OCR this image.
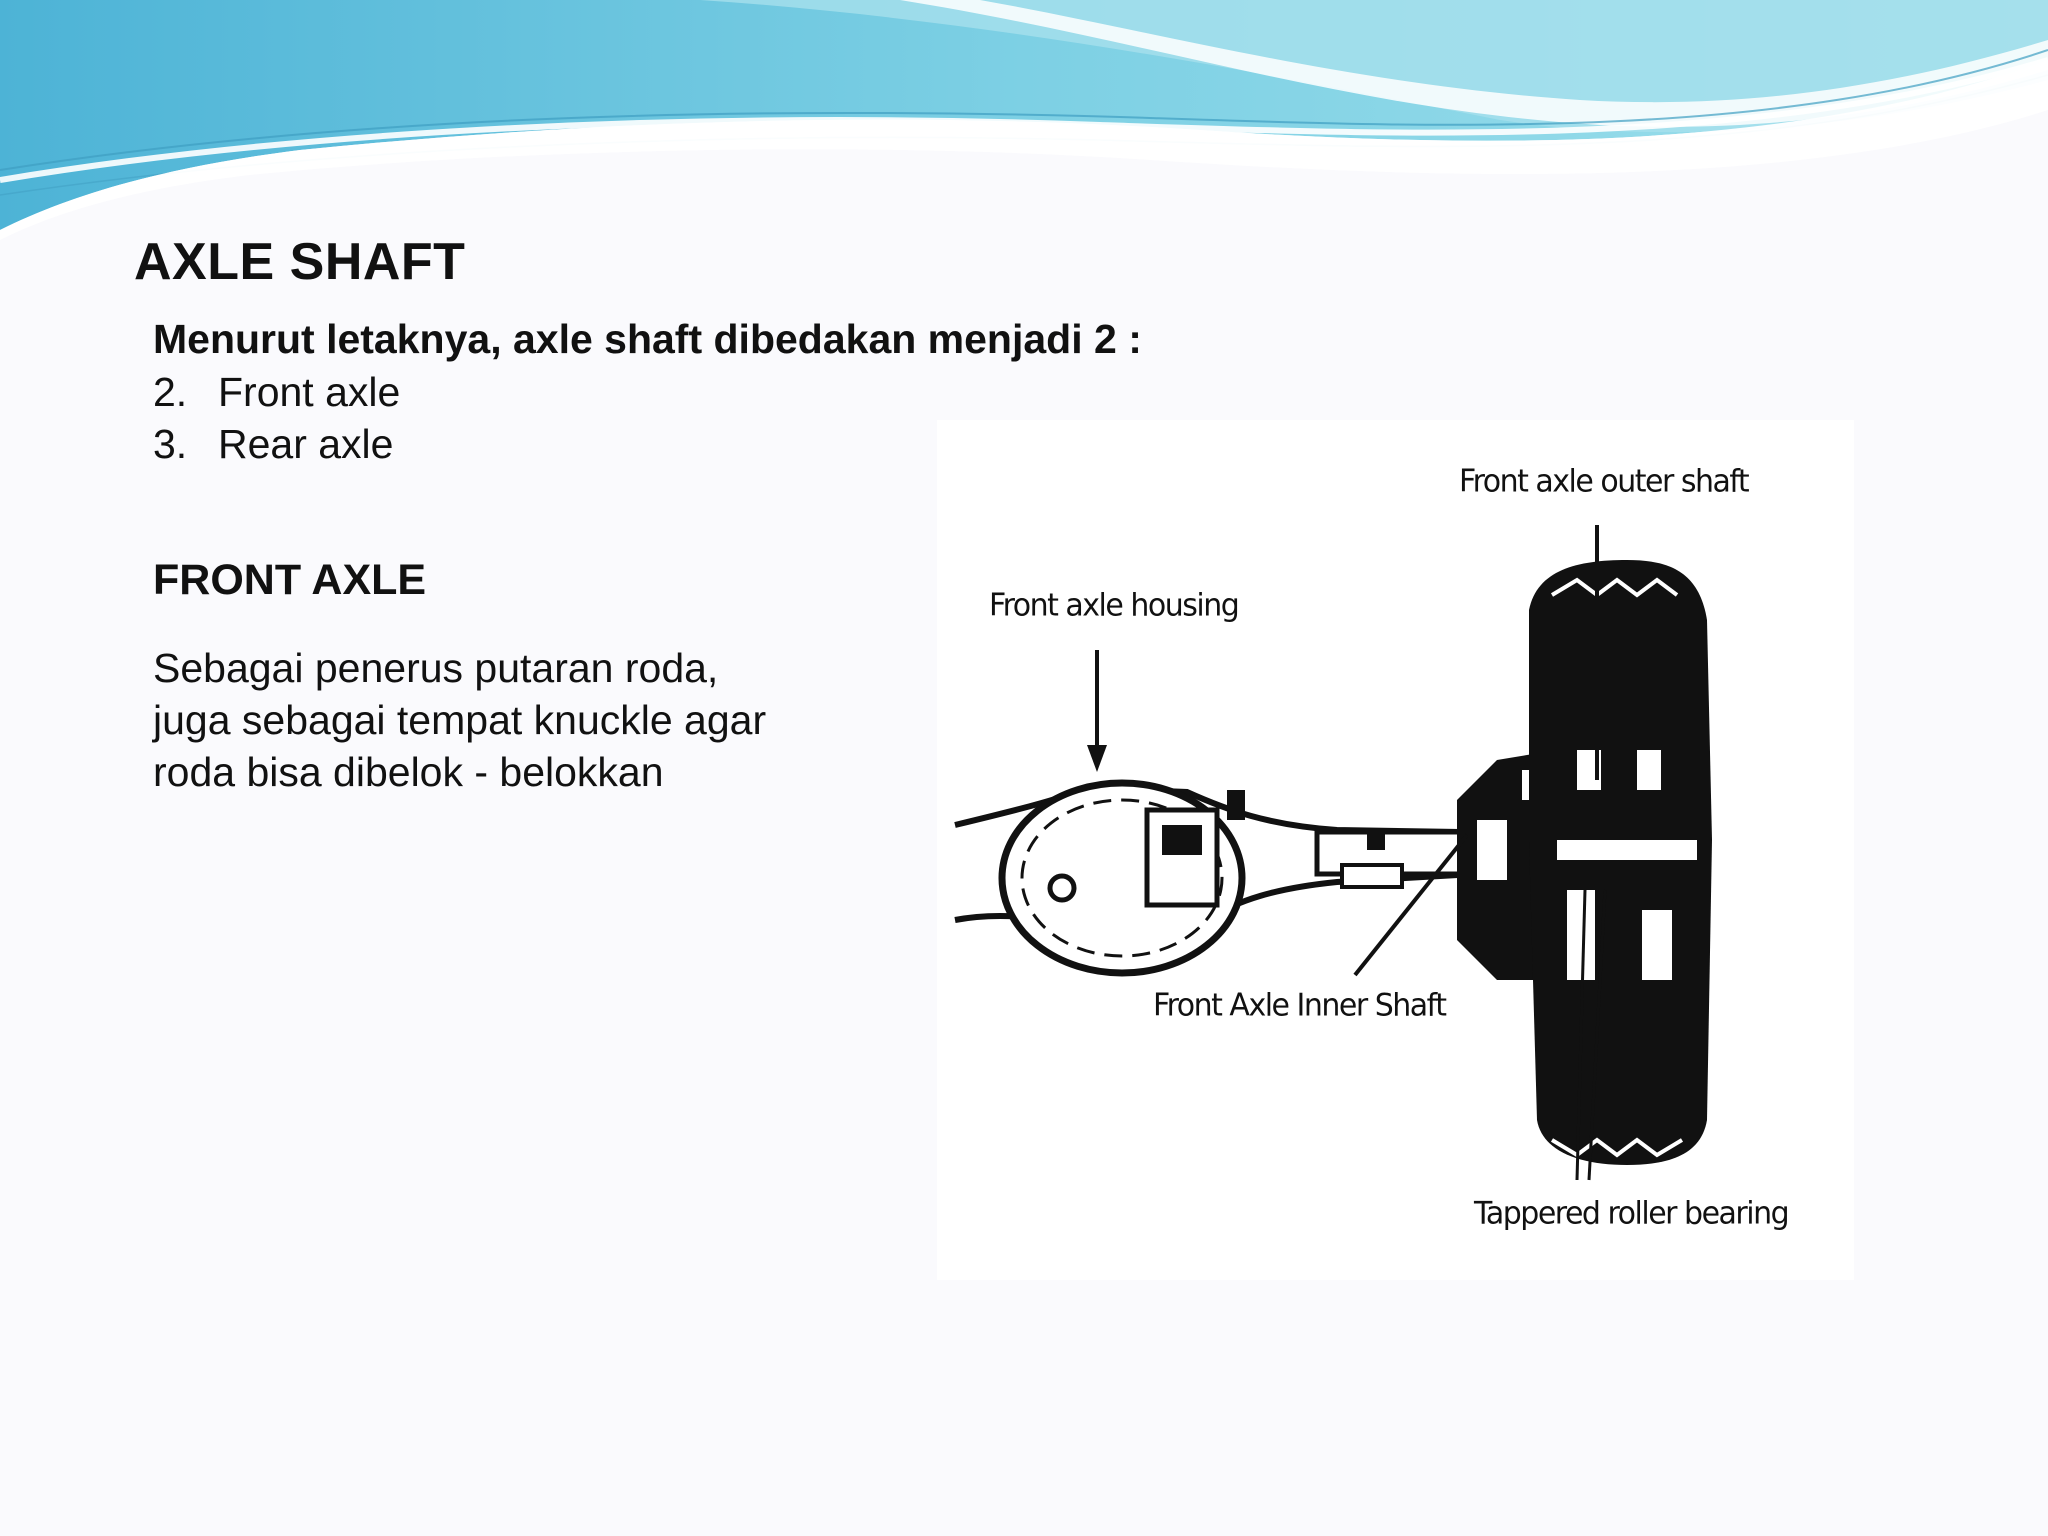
AXLE SHAFT
Menurut letaknya, axle shaft dibedakan menjadi 2 :
2. Front axle
3. Rear axle
FRONT AXLE
Sebagai penerus putaran roda, juga sebagai tempat knuckle agar roda bisa dibelok - belokkan
Front axle outer shaft
Front axle housing
Front Axle Inner Shaft
Tappered roller bearing
